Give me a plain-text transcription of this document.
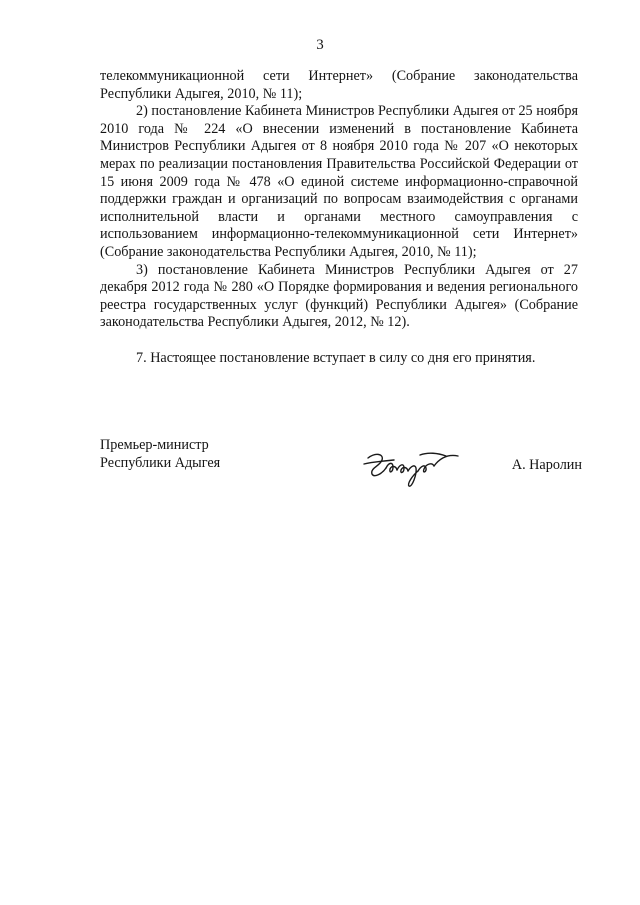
3

телекоммуникационной сети Интернет» (Собрание законодательства Республики Адыгея, 2010, № 11);

2) постановление Кабинета Министров Республики Адыгея от 25 ноября 2010 года № 224 «О внесении изменений в постановление Кабинета Министров Республики Адыгея от 8 ноября 2010 года № 207 «О некоторых мерах по реализации постановления Правительства Российской Федерации от 15 июня 2009 года № 478 «О единой системе информационно-справочной поддержки граждан и организаций по вопросам взаимодействия с органами исполнительной власти и органами местного самоуправления с использованием информационно-телекоммуникационной сети Интернет» (Собрание законодательства Республики Адыгея, 2010, № 11);

3) постановление Кабинета Министров Республики Адыгея от 27 декабря 2012 года № 280 «О Порядке формирования и ведения регионального реестра государственных услуг (функций) Республики Адыгея» (Собрание законодательства Республики Адыгея, 2012, № 12).

7. Настоящее постановление вступает в силу со дня его принятия.

Премьер-министр
Республики Адыгея	А. Наролин
